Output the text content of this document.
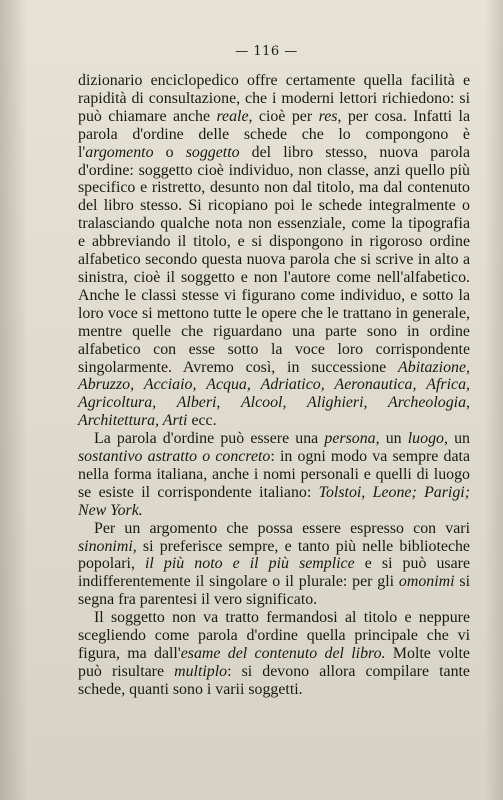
— 116 —

dizionario enciclopedico offre certamente quella facilità e rapidità di consultazione, che i moderni lettori richiedono: si può chiamare anche reale, cioè per res, per cosa. Infatti la parola d'ordine delle schede che lo compongono è l'argomento o soggetto del libro stesso, nuova parola d'ordine: soggetto cioè individuo, non classe, anzi quello più specifico e ristretto, desunto non dal titolo, ma dal contenuto del libro stesso. Si ricopiano poi le schede integralmente o tralasciando qualche nota non essenziale, come la tipografia e abbreviando il titolo, e si dispongono in rigoroso ordine alfabetico secondo questa nuova parola che si scrive in alto a sinistra, cioè il soggetto e non l'autore come nell'alfabetico. Anche le classi stesse vi figurano come individuo, e sotto la loro voce si mettono tutte le opere che le trattano in generale, mentre quelle che riguardano una parte sono in ordine alfabetico con esse sotto la voce loro corrispondente singolarmente. Avremo così, in successione Abitazione, Abruzzo, Acciaio, Acqua, Adriatico, Aeronautica, Africa, Agricoltura, Alberi, Alcool, Alighieri, Archeologia, Architettura, Arti ecc.

La parola d'ordine può essere una persona, un luogo, un sostantivo astratto o concreto: in ogni modo va sempre data nella forma italiana, anche i nomi personali e quelli di luogo se esiste il corrispondente italiano: Tolstoi, Leone; Parigi; New York.

Per un argomento che possa essere espresso con vari sinonimi, si preferisce sempre, e tanto più nelle biblioteche popolari, il più noto e il più semplice e si può usare indifferentemente il singolare o il plurale: per gli omonimi si segna fra parentesi il vero significato.

Il soggetto non va tratto fermandosi al titolo e neppure scegliendo come parola d'ordine quella principale che vi figura, ma dall'esame del contenuto del libro. Molte volte può risultare multiplo: si devono allora compilare tante schede, quanti sono i varii soggetti.
